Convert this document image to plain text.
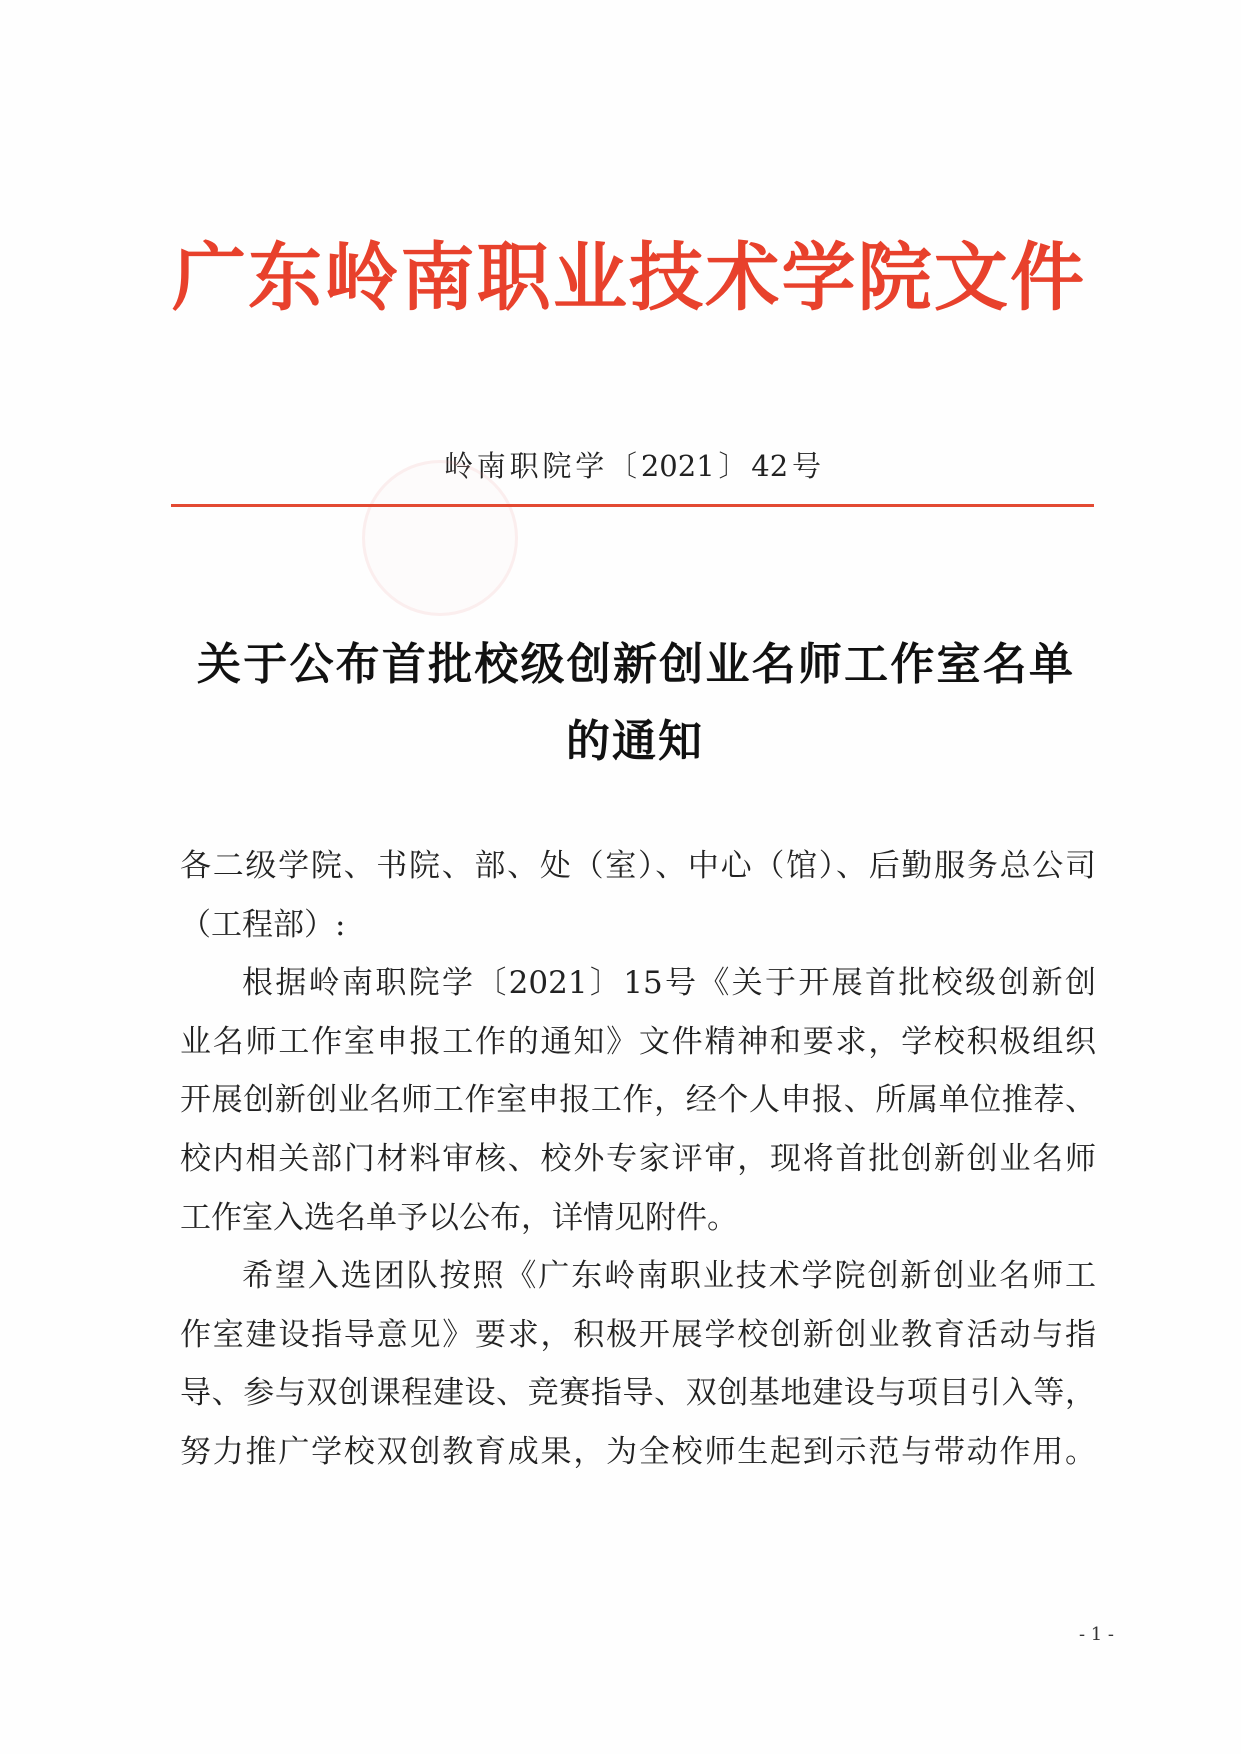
广东岭南职业技术学院文件
岭南职院学〔2021〕42号
关于公布首批校级创新创业名师工作室名单
的通知
各二级学院、书院、部、处（室）、中心（馆）、后勤服务总公司
（工程部）:
根据岭南职院学〔2021〕15号《关于开展首批校级创新创
业名师工作室申报工作的通知》文件精神和要求，学校积极组织
开展创新创业名师工作室申报工作，经个人申报、所属单位推荐、
校内相关部门材料审核、校外专家评审，现将首批创新创业名师
工作室入选名单予以公布，详情见附件。
希望入选团队按照《广东岭南职业技术学院创新创业名师工
作室建设指导意见》要求，积极开展学校创新创业教育活动与指
导、参与双创课程建设、竞赛指导、双创基地建设与项目引入等，
努力推广学校双创教育成果，为全校师生起到示范与带动作用。
- 1 -
